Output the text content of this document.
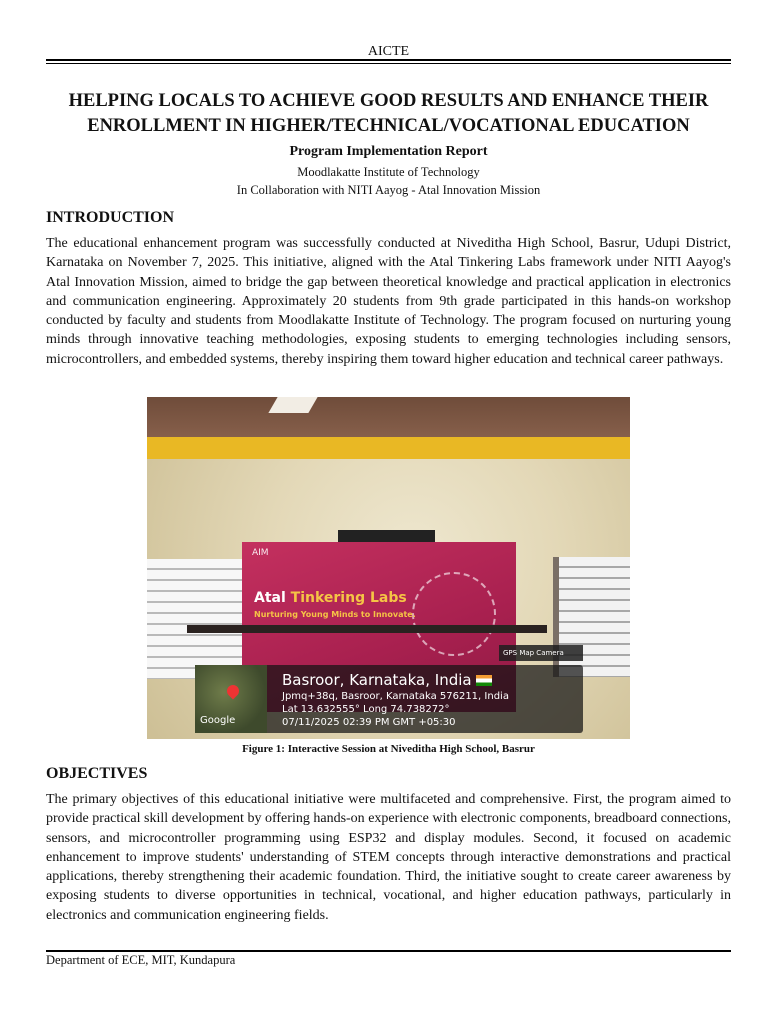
AICTE
HELPING LOCALS TO ACHIEVE GOOD RESULTS AND ENHANCE THEIR ENROLLMENT IN HIGHER/TECHNICAL/VOCATIONAL EDUCATION
Program Implementation Report
Moodlakatte Institute of Technology
In Collaboration with NITI Aayog - Atal Innovation Mission
INTRODUCTION

The educational enhancement program was successfully conducted at Niveditha High School, Basrur, Udupi District, Karnataka on November 7, 2025. This initiative, aligned with the Atal Tinkering Labs framework under NITI Aayog's Atal Innovation Mission, aimed to bridge the gap between theoretical knowledge and practical application in electronics and communication engineering. Approximately 20 students from 9th grade participated in this hands-on workshop conducted by faculty and students from Moodlakatte Institute of Technology. The program focused on nurturing young minds through innovative teaching methodologies, exposing students to emerging technologies including sensors, microcontrollers, and embedded systems, thereby inspiring them toward higher education and technical career pathways.

AIM
Atal Tinkering Labs
Nurturing Young Minds to Innovate.
GPS Map Camera
Google
Basroor, Karnataka, India
Jpmq+38q, Basroor, Karnataka 576211, India
Lat 13.632555° Long 74.738272°
07/11/2025 02:39 PM GMT +05:30
Figure 1: Interactive Session at Niveditha High School, Basrur
OBJECTIVES

The primary objectives of this educational initiative were multifaceted and comprehensive. First, the program aimed to provide practical skill development by offering hands-on experience with electronic components, breadboard connections, sensors, and microcontroller programming using ESP32 and display modules. Second, it focused on academic enhancement to improve students' understanding of STEM concepts through interactive demonstrations and practical applications, thereby strengthening their academic foundation. Third, the initiative sought to create career awareness by exposing students to diverse opportunities in technical, vocational, and higher education pathways, particularly in electronics and communication engineering fields.

Department of ECE, MIT, Kundapura
